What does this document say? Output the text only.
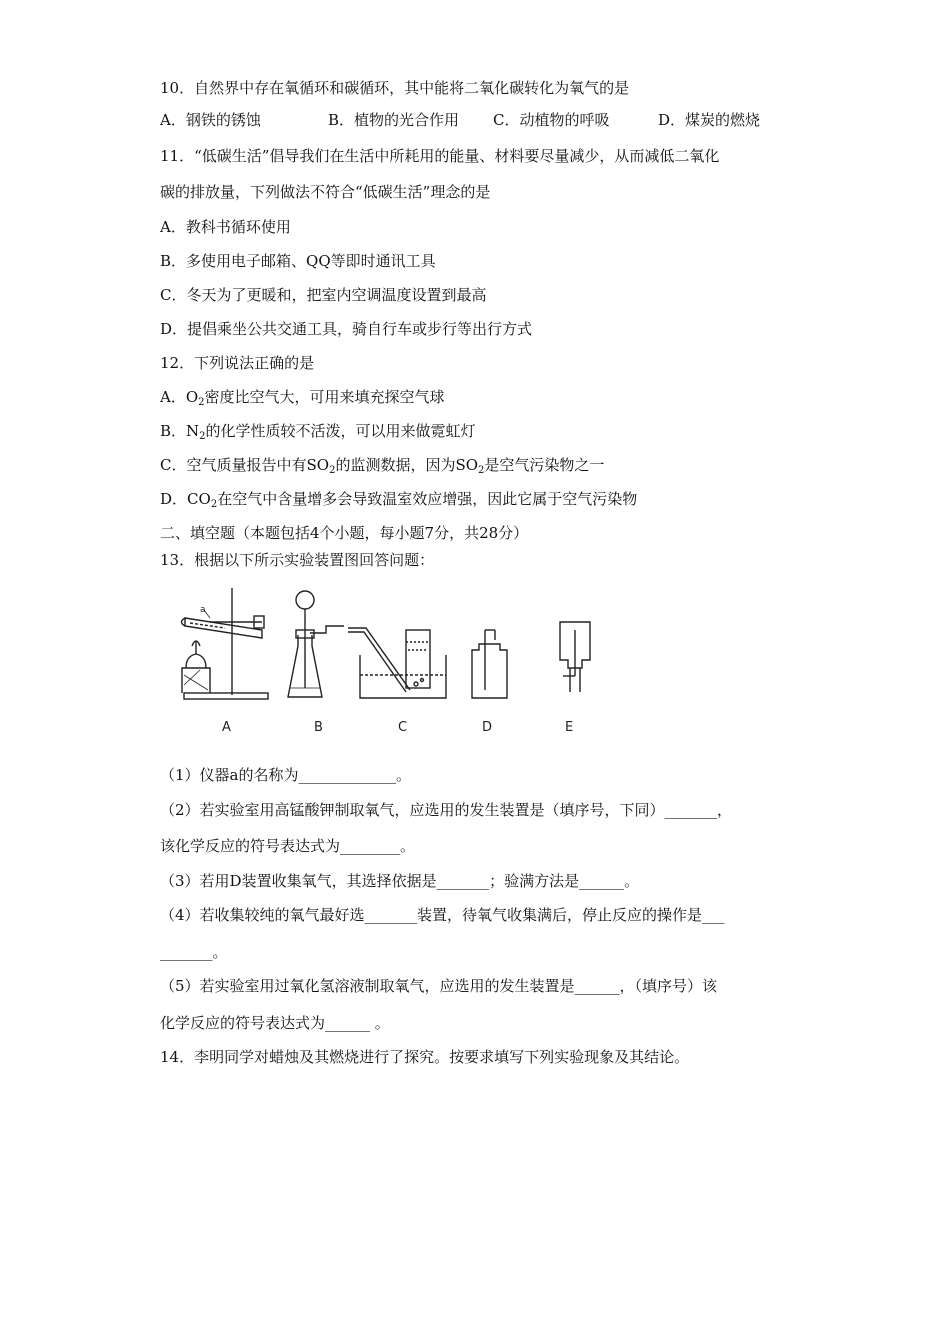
10．自然界中存在氧循环和碳循环，其中能将二氧化碳转化为氧气的是
A．钢铁的锈蚀	B．植物的光合作用 C．动植物的呼吸	D．煤炭的燃烧
11．“低碳生活”倡导我们在生活中所耗用的能量、材料要尽量减少，从而减低二氧化
碳的排放量，下列做法不符合“低碳生活”理念的是
A．教科书循环使用
B．多使用电子邮箱、QQ等即时通讯工具
C．冬天为了更暖和，把室内空调温度设置到最高
D．提倡乘坐公共交通工具，骑自行车或步行等出行方式
12．下列说法正确的是
A．$O_2$密度比空气大，可用来填充探空气球
B．$N_2$的化学性质较不活泼，可以用来做霓虹灯
C．空气质量报告中有$SO_2$的监测数据，因为$SO_2$是空气污染物之一
D．$CO_2$在空气中含量增多会导致温室效应增强，因此它属于空气污染物
二、填空题（本题包括4个小题，每小题7分，共28分）
13．根据以下所示实验装置图回答问题：
a
A	B	C	D	E
（1）仪器a的名称为_____________。
（2）若实验室用高锰酸钾制取氧气，应选用的发生装置是（填序号，下同）_______，
该化学反应的符号表达式为________。
（3）若用D装置收集氧气，其选择依据是_______；验满方法是______。
（4）若收集较纯的氧气最好选_______装置，待氧气收集满后，停止反应的操作是___
_______。
（5）若实验室用过氧化氢溶液制取氧气，应选用的发生装置是______，（填序号）该
化学反应的符号表达式为______ 。
14．李明同学对蜡烛及其燃烧进行了探究。按要求填写下列实验现象及其结论。
